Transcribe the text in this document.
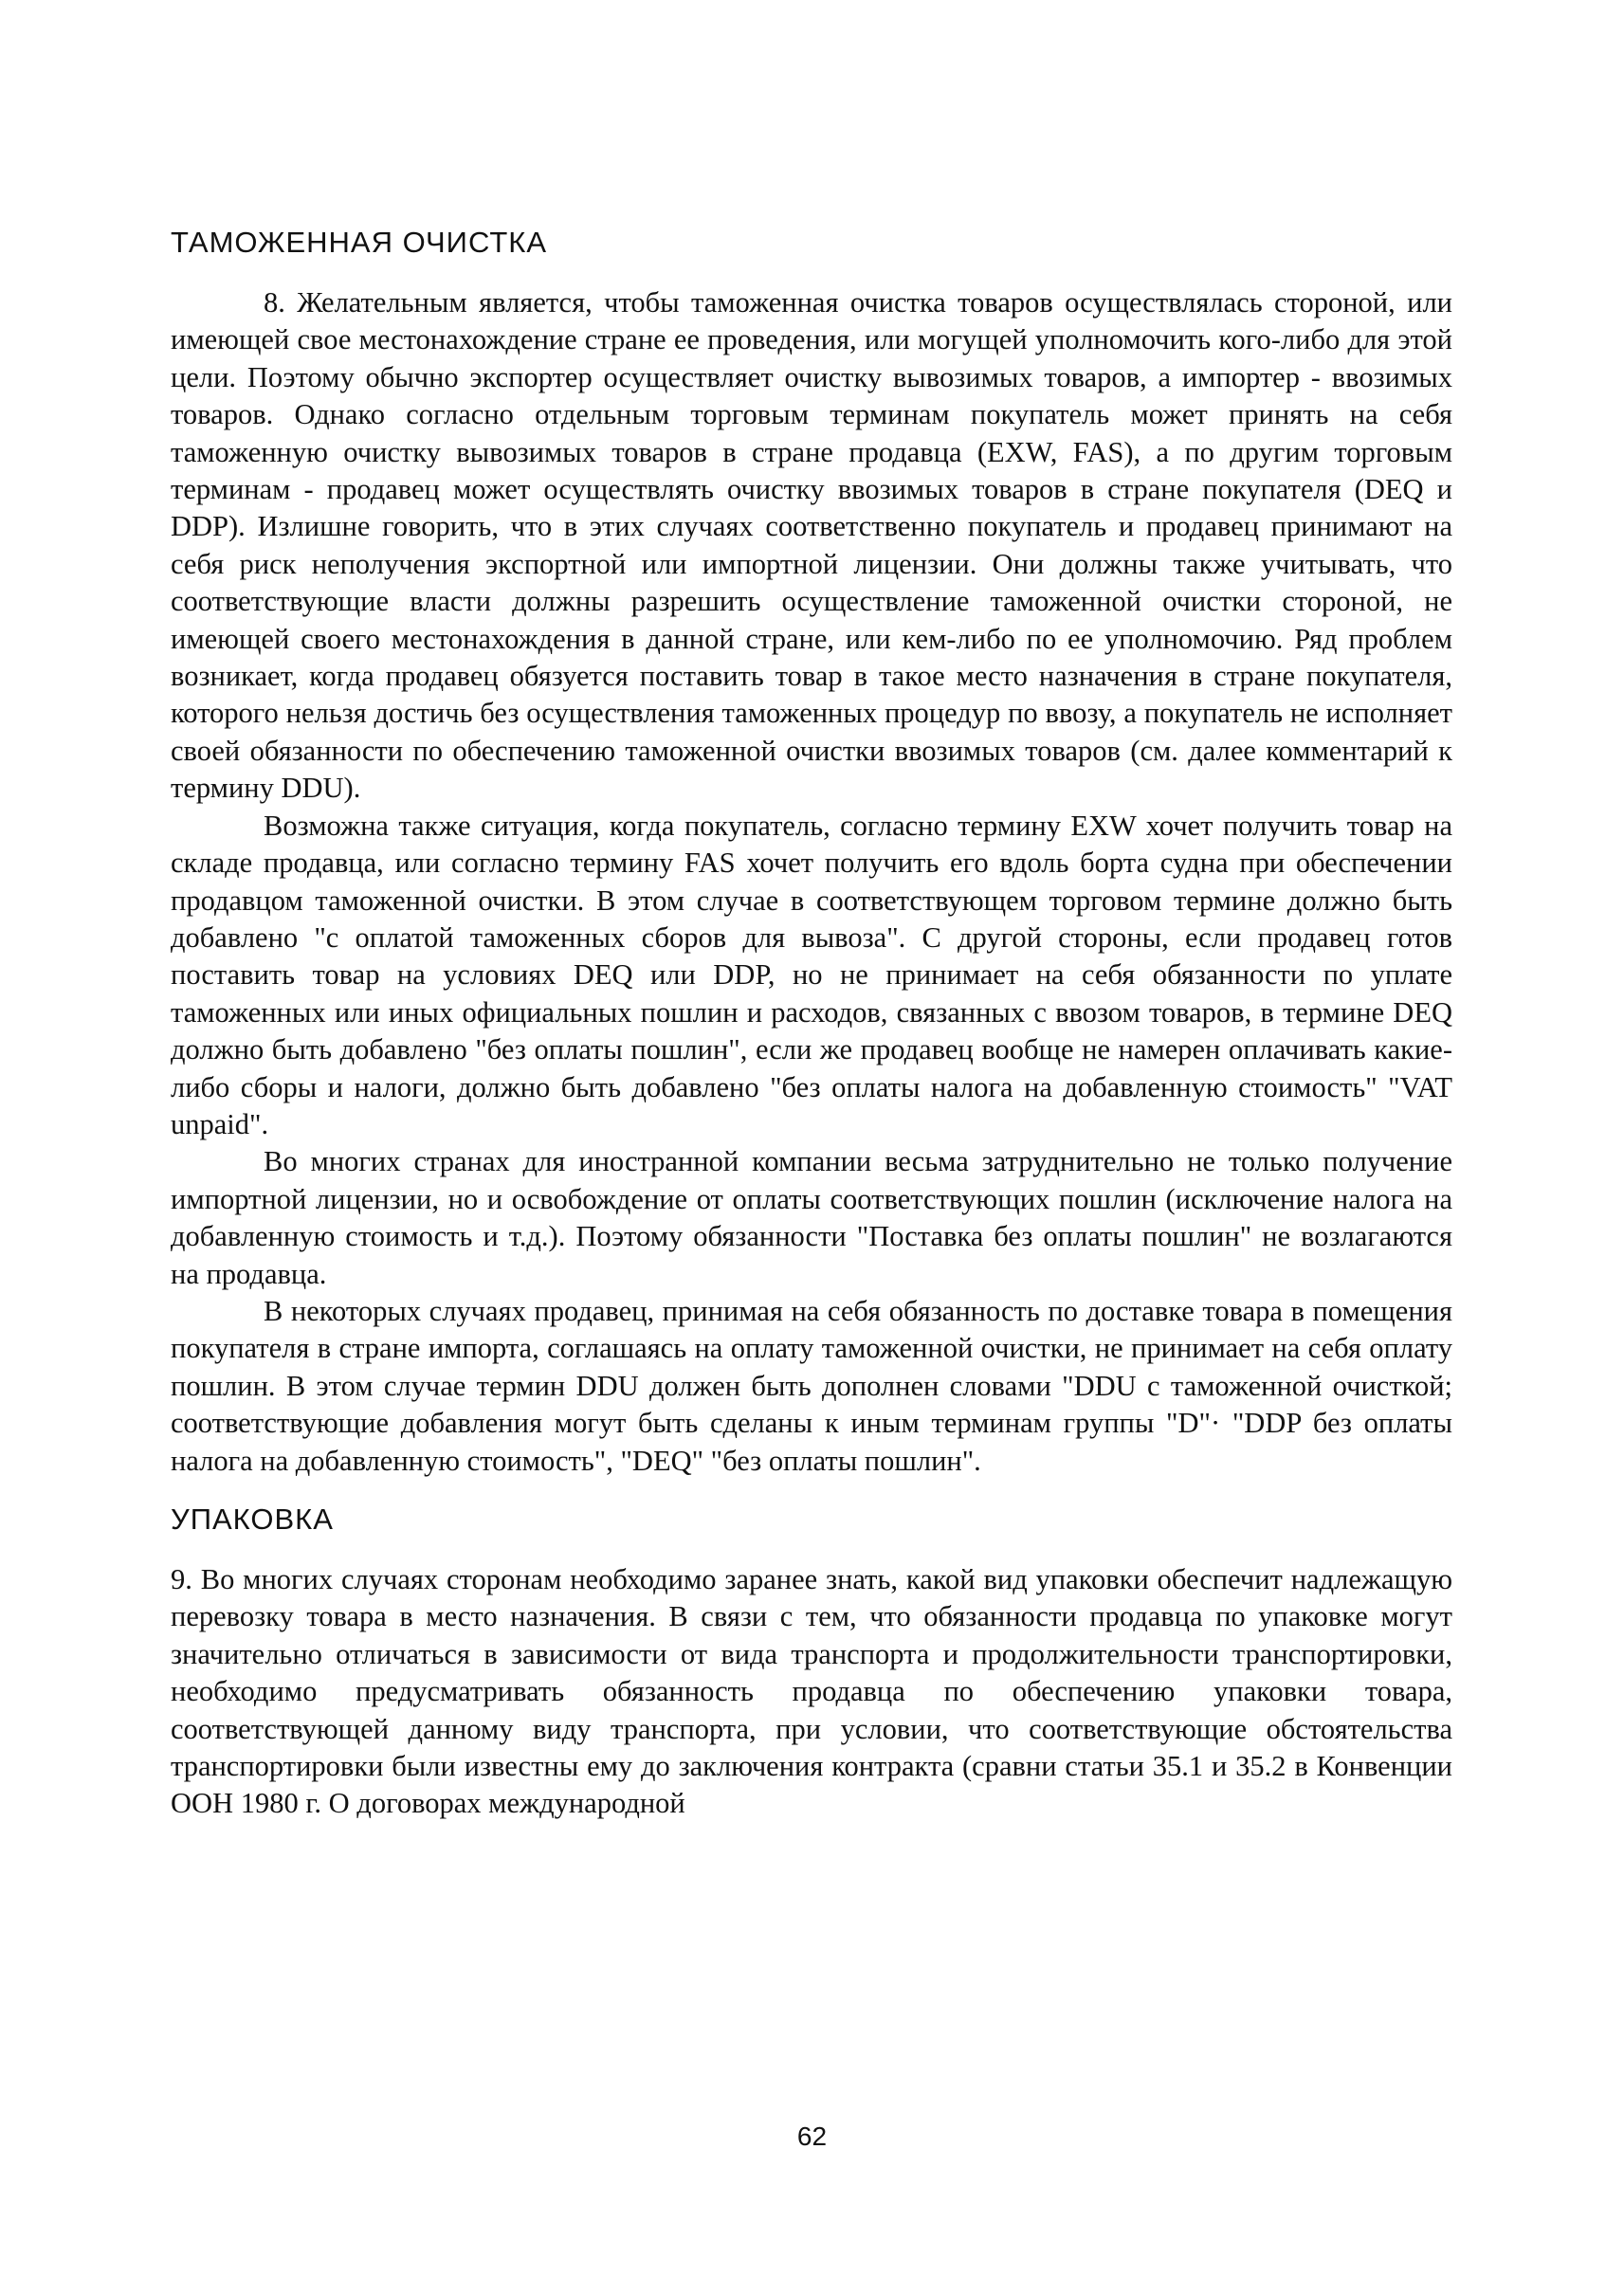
ТАМОЖЕННАЯ ОЧИСТКА

8. Желательным является, чтобы таможенная очистка товаров осуществлялась стороной, или имеющей свое местонахождение стране ее проведения, или могущей уполномочить кого-либо для этой цели. Поэтому обычно экспортер осуществляет очистку вывозимых товаров, а импортер - ввозимых товаров. Однако согласно отдельным торговым терминам покупатель может принять на себя таможенную очистку вывозимых товаров в стране продавца (EXW, FAS), а по другим торговым терминам - продавец может осуществлять очистку ввозимых товаров в стране покупателя (DEQ и DDP). Излишне говорить, что в этих случаях соответственно покупатель и продавец принимают на себя риск неполучения экспортной или импортной лицензии. Они должны также учитывать, что соответствующие власти должны разрешить осуществление таможенной очистки стороной, не имеющей своего местонахождения в данной стране, или кем-либо по ее уполномочию. Ряд проблем возникает, когда продавец обязуется поставить товар в такое место назначения в стране покупателя, которого нельзя достичь без осуществления таможенных процедур по ввозу, а покупатель не исполняет своей обязанности по обеспечению таможенной очистки ввозимых товаров (см. далее комментарий к термину DDU).

Возможна также ситуация, когда покупатель, согласно термину EXW хочет получить товар на складе продавца, или согласно термину FAS хочет получить его вдоль борта судна при обеспечении продавцом таможенной очистки. В этом случае в соответствующем торговом термине должно быть добавлено "с оплатой таможенных сборов для вывоза". С другой стороны, если продавец готов поставить товар на условиях DEQ или DDP, но не принимает на себя обязанности по уплате таможенных или иных официальных пошлин и расходов, связанных с ввозом товаров, в термине DEQ должно быть добавлено "без оплаты пошлин", если же продавец вообще не намерен оплачивать какие-либо сборы и налоги, должно быть добавлено "без оплаты налога на добавленную стоимость" "VAT unpaid".

Во многих странах для иностранной компании весьма затруднительно не только получение импортной лицензии, но и освобождение от оплаты соответствующих пошлин (исключение налога на добавленную стоимость и т.д.). Поэтому обязанности "Поставка без оплаты пошлин" не возлагаются на продавца.

В некоторых случаях продавец, принимая на себя обязанность по доставке товара в помещения покупателя в стране импорта, соглашаясь на оплату таможенной очистки, не принимает на себя оплату пошлин. В этом случае термин DDU должен быть дополнен словами "DDU с таможенной очисткой; соответствующие добавления могут быть сделаны к иным терминам группы "D"· "DDP без оплаты налога на добавленную стоимость", "DEQ" "без оплаты пошлин".

УПАКОВКА

9. Во многих случаях сторонам необходимо заранее знать, какой вид упаковки обеспечит надлежащую перевозку товара в место назначения. В связи с тем, что обязанности продавца по упаковке могут значительно отличаться в зависимости от вида транспорта и продолжительности транспортировки, необходимо предусматривать обязанность продавца по обеспечению упаковки товара, соответствующей данному виду транспорта, при условии, что соответствующие обстоятельства транспортировки были известны ему до заключения контракта (сравни статьи 35.1 и 35.2 в Конвенции ООН 1980 г. О договорах международной

62
